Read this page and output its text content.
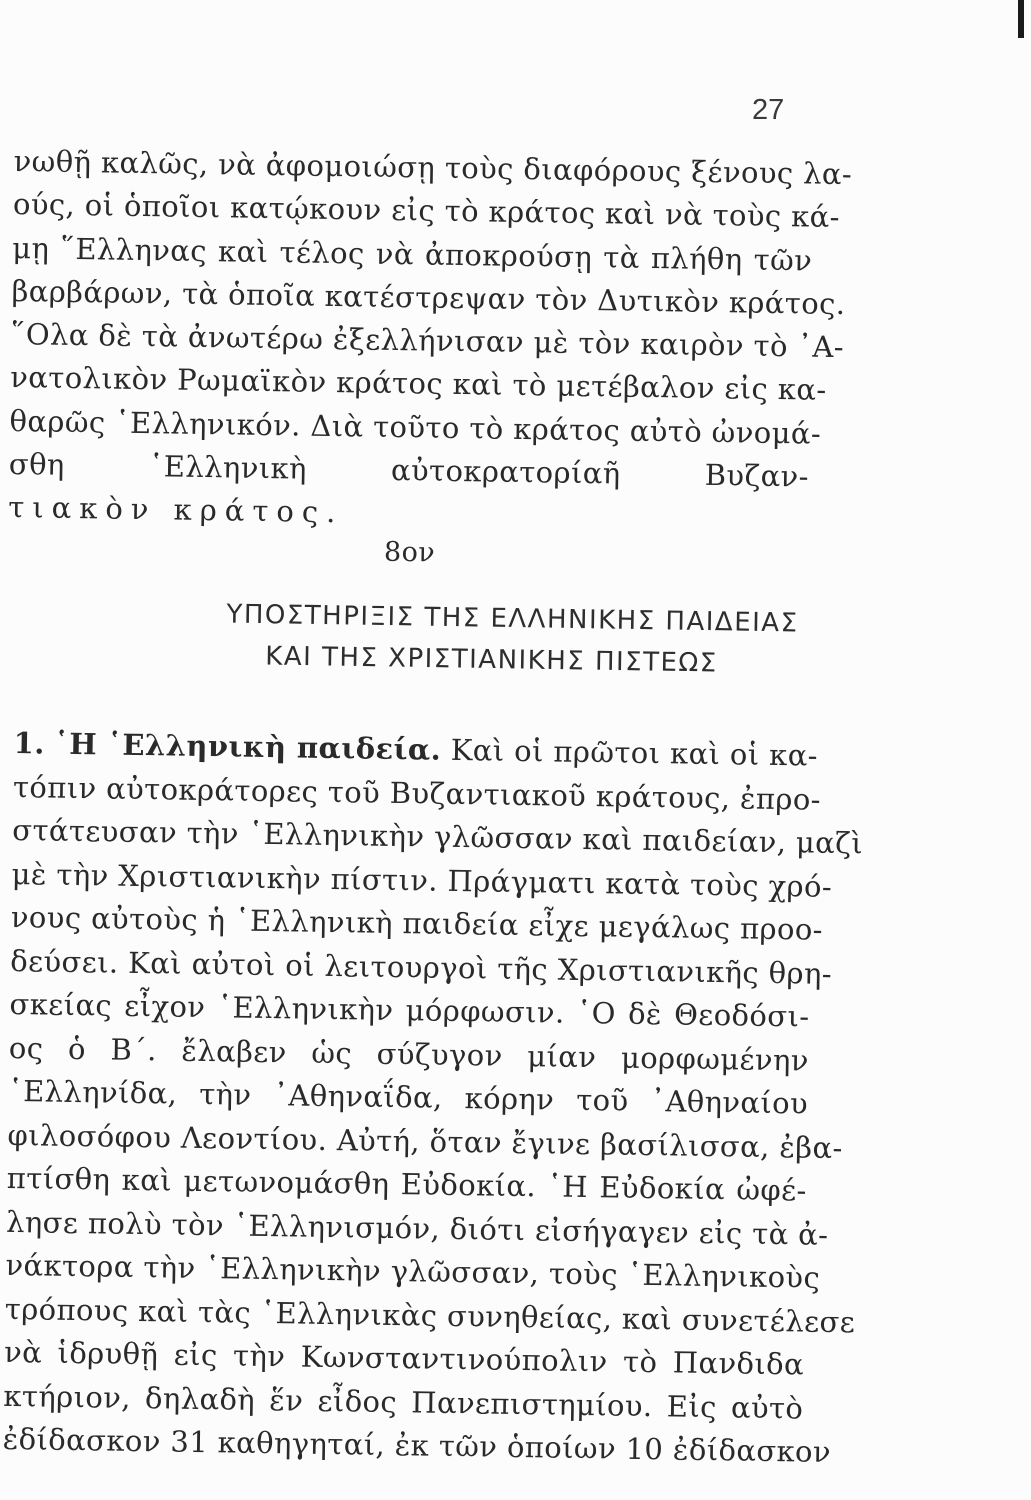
27
νωθῇ καλῶς, νὰ ἀφομοιώσῃ τοὺς διαφόρους ξένους λα-
ούς, οἱ ὁποῖοι κατῴκουν εἰς τὸ κράτος καὶ νὰ τοὺς κά-
μῃ ῞Ελληνας καὶ τέλος νὰ ἀποκρούσῃ τὰ πλήθη τῶν
βαρβάρων, τὰ ὁποῖα κατέστρεψαν τὸν Δυτικὸν κράτος.
῞Ολα δὲ τὰ ἀνωτέρω ἐξελλήνισαν μὲ τὸν καιρὸν τὸ ᾿Α-
νατολικὸν Ρωμαϊκὸν κράτος καὶ τὸ μετέβαλον εἰς κα-
θαρῶς ῾Ελληνικόν. Διὰ τοῦτο τὸ κράτος αὐτὸ ὠνομά-
σθη ῾Ελληνικὴ αὐτοκρατορίαῆ Βυζαν-
τιακὸν κράτος.
8ον
ΥΠΟΣΤΗΡΙΞΙΣ ΤΗΣ ΕΛΛΗΝΙΚΗΣ ΠΑΙΔΕΙΑΣ
ΚΑΙ ΤΗΣ ΧΡΙΣΤΙΑΝΙΚΗΣ ΠΙΣΤΕΩΣ
1. ῾Η ῾Ελληνικὴ παιδεία. Καὶ οἱ πρῶτοι καὶ οἱ κα-
τόπιν αὐτοκράτορες τοῦ Βυζαντιακοῦ κράτους, ἐπρο-
στάτευσαν τὴν ῾Ελληνικὴν γλῶσσαν καὶ παιδείαν, μαζὶ
μὲ τὴν Χριστιανικὴν πίστιν. Πράγματι κατὰ τοὺς χρό-
νους αὐτοὺς ἡ ῾Ελληνικὴ παιδεία εἶχε μεγάλως προο-
δεύσει. Καὶ αὐτοὶ οἱ λειτουργοὶ τῆς Χριστιανικῆς θρη-
σκείας εἶχον ῾Ελληνικὴν μόρφωσιν. ῾Ο δὲ Θεοδόσι-
ος ὁ Β΄. ἔλαβεν ὡς σύζυγον μίαν μορφωμένην
῾Ελληνίδα, τὴν ᾿Αθηναΐδα, κόρην τοῦ ᾿Αθηναίου
φιλοσόφου Λεοντίου. Αὐτή, ὅταν ἔγινε βασίλισσα, ἐβα-
πτίσθη καὶ μετωνομάσθη Εὐδοκία. ῾Η Εὐδοκία ὠφέ-
λησε πολὺ τὸν ῾Ελληνισμόν, διότι εἰσήγαγεν εἰς τὰ ἀ-
νάκτορα τὴν ῾Ελληνικὴν γλῶσσαν, τοὺς ῾Ελληνικοὺς
τρόπους καὶ τὰς ῾Ελληνικὰς συνηθείας, καὶ συνετέλεσε
νὰ ἱδρυθῇ εἰς τὴν Κωνσταντινούπολιν τὸ Πανδιδα
κτήριον, δηλαδὴ ἕν εἶδος Πανεπιστημίου. Εἰς αὐτὸ
ἐδίδασκον 31 καθηγηταί, ἐκ τῶν ὁποίων 10 ἐδίδασκον
